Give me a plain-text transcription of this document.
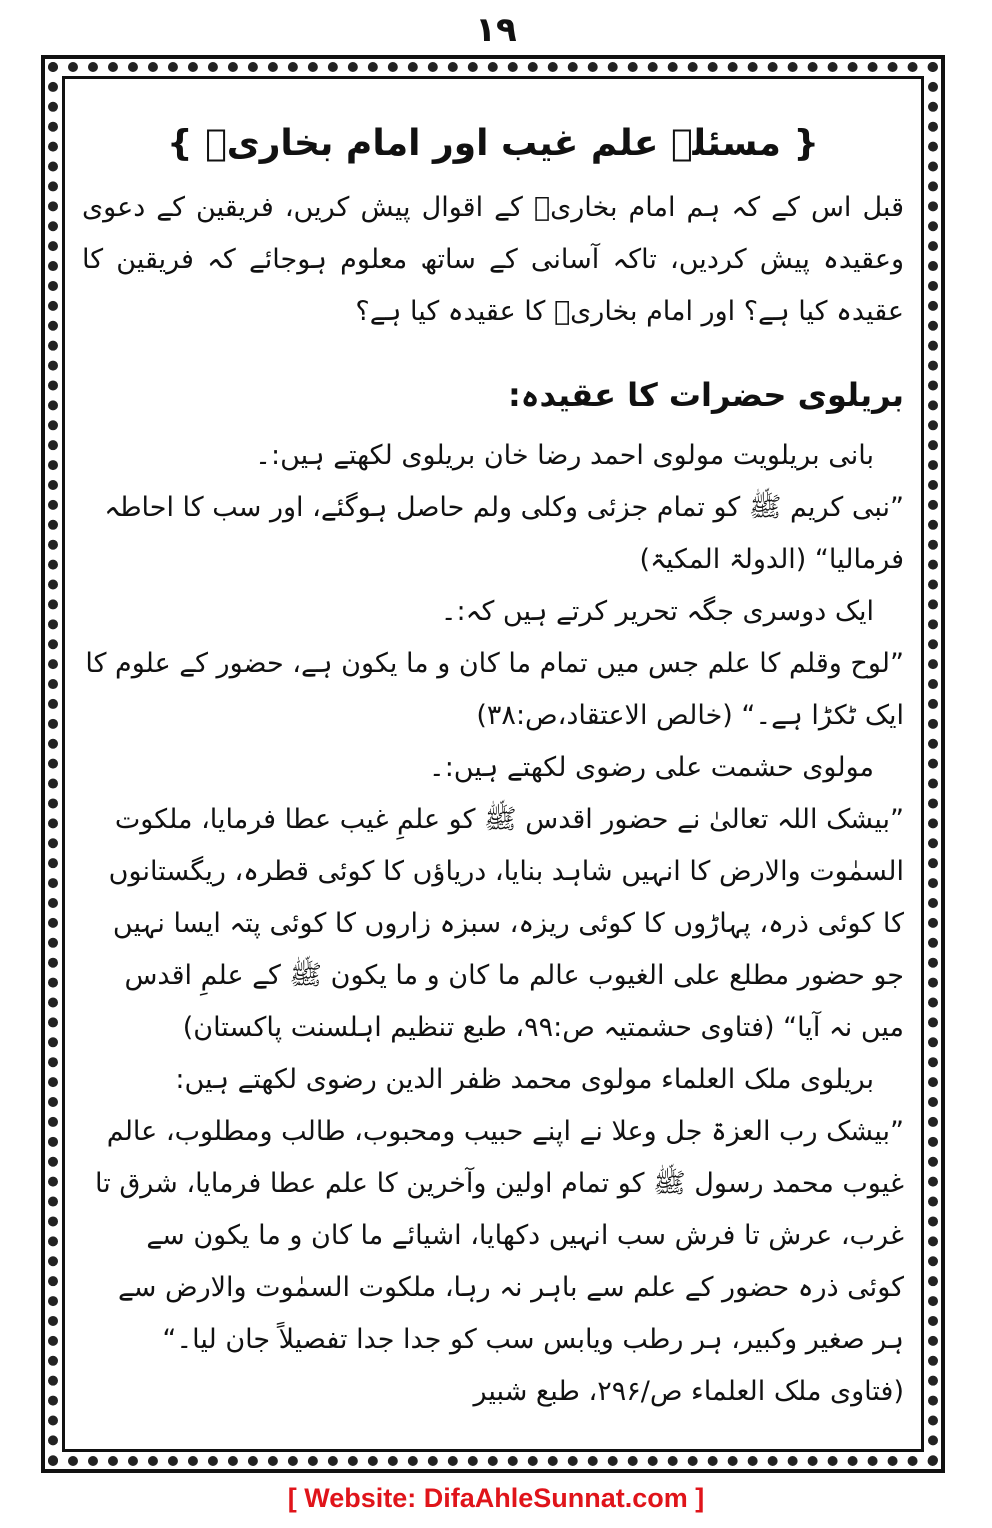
۱۹
{ مسئلہ علم غیب اور امام بخاریؒ }

قبل اس کے کہ ہم امام بخاریؒ کے اقوال پیش کریں، فریقین کے دعوی وعقیدہ پیش کردیں، تاکہ آسانی کے ساتھ معلوم ہوجائے کہ فریقین کا عقیدہ کیا ہے؟ اور امام بخاریؒ کا عقیدہ کیا ہے؟

بریلوی حضرات کا عقیدہ:

بانی بریلویت مولوی احمد رضا خان بریلوی لکھتے ہیں:۔

”نبی کریم ﷺ کو تمام جزئی وکلی ولم حاصل ہوگئے، اور سب کا احاطہ فرمالیا“ (الدولۃ المکیۃ)

ایک دوسری جگہ تحریر کرتے ہیں کہ:۔

”لوح وقلم کا علم جس میں تمام ما کان و ما یکون ہے، حضور کے علوم کا ایک ٹکڑا ہے۔“ (خالص الاعتقاد،ص:۳۸)

مولوی حشمت علی رضوی لکھتے ہیں:۔

”بیشک اللہ تعالیٰ نے حضور اقدس ﷺ کو علمِ غیب عطا فرمایا، ملکوت السمٰوت والارض کا انہیں شاہد بنایا، دریاؤں کا کوئی قطرہ، ریگستانوں کا کوئی ذرہ، پہاڑوں کا کوئی ریزہ، سبزہ زاروں کا کوئی پتہ ایسا نہیں جو حضور مطلع علی الغیوب عالم ما کان و ما یکون ﷺ کے علمِ اقدس میں نہ آیا“ (فتاوی حشمتیہ ص:۹۹، طبع تنظیم اہلسنت پاکستان)

بریلوی ملک العلماء مولوی محمد ظفر الدین رضوی لکھتے ہیں:

”بیشک رب العزۃ جل وعلا نے اپنے حبیب ومحبوب، طالب ومطلوب، عالم غیوب محمد رسول ﷺ کو تمام اولین وآخرین کا علم عطا فرمایا، شرق تا غرب، عرش تا فرش سب انہیں دکھایا، اشیائے ما کان و ما یکون سے کوئی ذرہ حضور کے علم سے باہر نہ رہا، ملکوت السمٰوت والارض سے ہر صغیر وکبیر، ہر رطب ویابس سب کو جدا جدا تفصیلاً جان لیا۔“ (فتاوی ملک العلماء ص/۲۹۶، طبع شبیر

[ Website: DifaAhleSunnat.com ]
